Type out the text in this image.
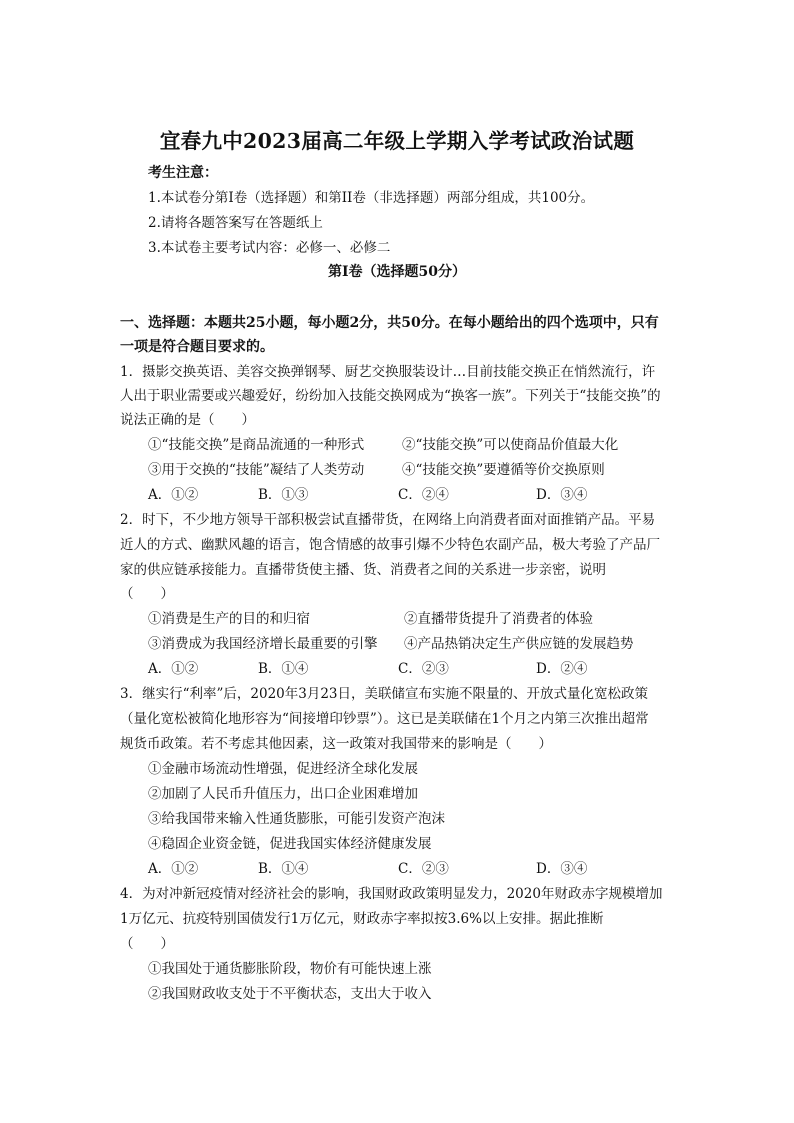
宜春九中2023届高二年级上学期入学考试政治试题
考生注意：
1.本试卷分第I卷（选择题）和第II卷（非选择题）两部分组成，共100分。
2.请将各题答案写在答题纸上
3.本试卷主要考试内容：必修一、必修二
第I卷（选择题50分）
一、选择题：本题共25小题，每小题2分，共50分。在每小题给出的四个选项中，只有
一项是符合题目要求的。
1．摄影交换英语、美容交换弹钢琴、厨艺交换服装设计…目前技能交换正在悄然流行，许
人出于职业需要或兴趣爱好，纷纷加入技能交换网成为“换客一族”。下列关于“技能交换”的
说法正确的是（　　）
①“技能交换”是商品流通的一种形式	②“技能交换”可以使商品价值最大化
③用于交换的“技能”凝结了人类劳动	④“技能交换”要遵循等价交换原则
A．①②	B．①③	C．②④	D．③④
2．时下，不少地方领导干部积极尝试直播带货，在网络上向消费者面对面推销产品。平易
近人的方式、幽默风趣的语言，饱含情感的故事引爆不少特色农副产品，极大考验了产品厂
家的供应链承接能力。直播带货使主播、货、消费者之间的关系进一步亲密，说明
（　　）
①消费是生产的目的和归宿	②直播带货提升了消费者的体验
③消费成为我国经济增长最重要的引擎 ④产品热销决定生产供应链的发展趋势
A．①②	B．①④	C．②③	D．②④
3．继实行“利率”后，2020年3月23日，美联储宣布实施不限量的、开放式量化宽松政策
（量化宽松被简化地形容为“间接增印钞票”）。这已是美联储在1个月之内第三次推出超常
规货币政策。若不考虑其他因素，这一政策对我国带来的影响是（　　）
①金融市场流动性增强，促进经济全球化发展
②加剧了人民币升值压力，出口企业困难增加
③给我国带来输入性通货膨胀，可能引发资产泡沫
④稳固企业资金链，促进我国实体经济健康发展
A．①②	B．①④	C．②③	D．③④
4．为对冲新冠疫情对经济社会的影响，我国财政政策明显发力，2020年财政赤字规模增加
1万亿元、抗疫特别国债发行1万亿元，财政赤字率拟按3.6%以上安排。据此推断
（　　）
①我国处于通货膨胀阶段，物价有可能快速上涨
②我国财政收支处于不平衡状态，支出大于收入
